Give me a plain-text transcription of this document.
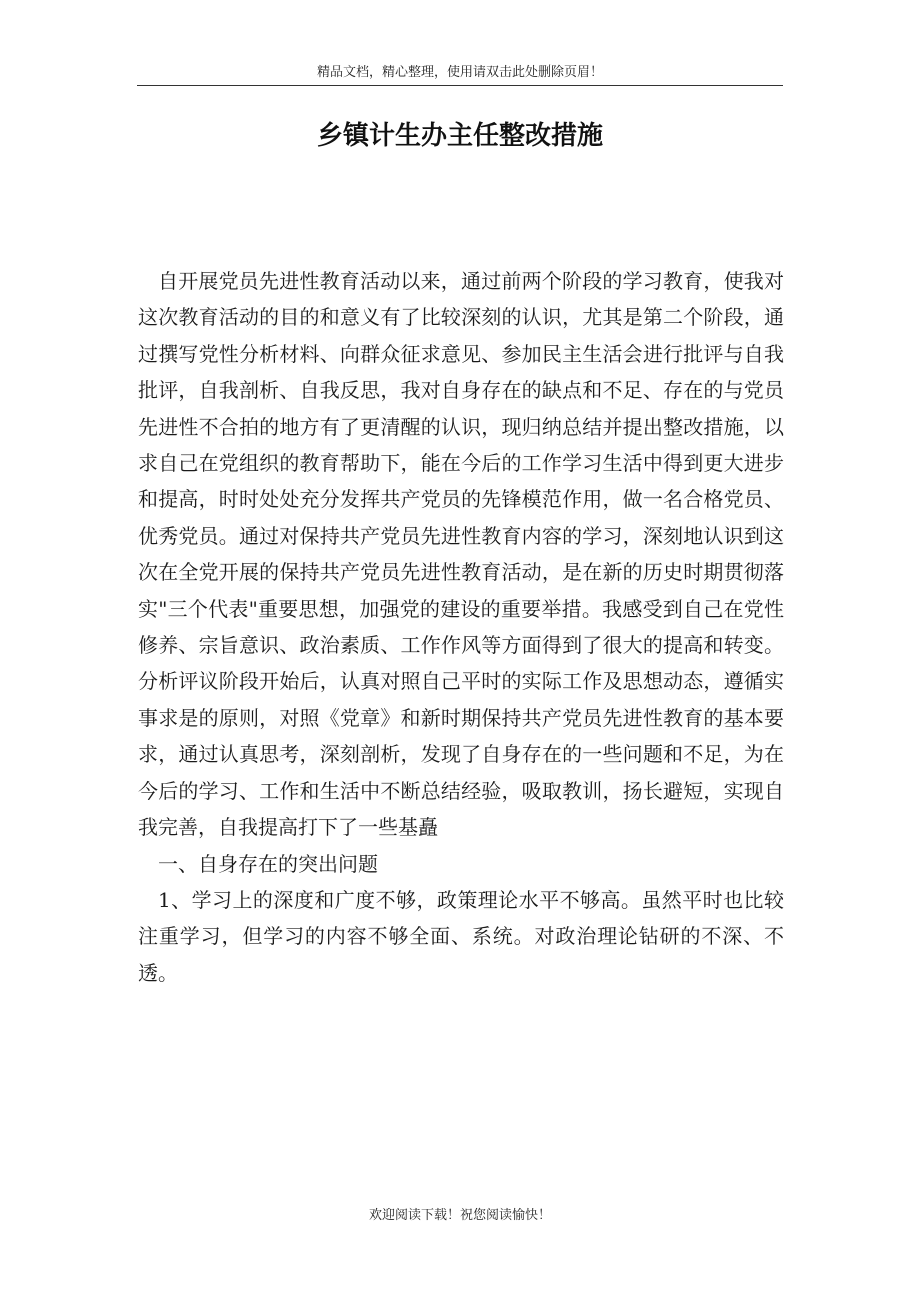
精品文档，精心整理，使用请双击此处删除页眉！
乡镇计生办主任整改措施

自开展党员先进性教育活动以来，通过前两个阶段的学习教育，使我对这次教育活动的目的和意义有了比较深刻的认识，尤其是第二个阶段，通过撰写党性分析材料、向群众征求意见、参加民主生活会进行批评与自我批评，自我剖析、自我反思，我对自身存在的缺点和不足、存在的与党员先进性不合拍的地方有了更清醒的认识，现归纳总结并提出整改措施，以求自己在党组织的教育帮助下，能在今后的工作学习生活中得到更大进步和提高，时时处处充分发挥共产党员的先锋模范作用，做一名合格党员、优秀党员。通过对保持共产党员先进性教育内容的学习，深刻地认识到这次在全党开展的保持共产党员先进性教育活动，是在新的历史时期贯彻落实"三个代表"重要思想，加强党的建设的重要举措。我感受到自己在党性修养、宗旨意识、政治素质、工作作风等方面得到了很大的提高和转变。分析评议阶段开始后，认真对照自己平时的实际工作及思想动态，遵循实事求是的原则，对照《党章》和新时期保持共产党员先进性教育的基本要求，通过认真思考，深刻剖析，发现了自身存在的一些问题和不足，为在今后的学习、工作和生活中不断总结经验，吸取教训，扬长避短，实现自我完善，自我提高打下了一些基矗

一、自身存在的突出问题

1、学习上的深度和广度不够，政策理论水平不够高。虽然平时也比较注重学习，但学习的内容不够全面、系统。对政治理论钻研的不深、不透。

欢迎阅读下载！祝您阅读愉快！
